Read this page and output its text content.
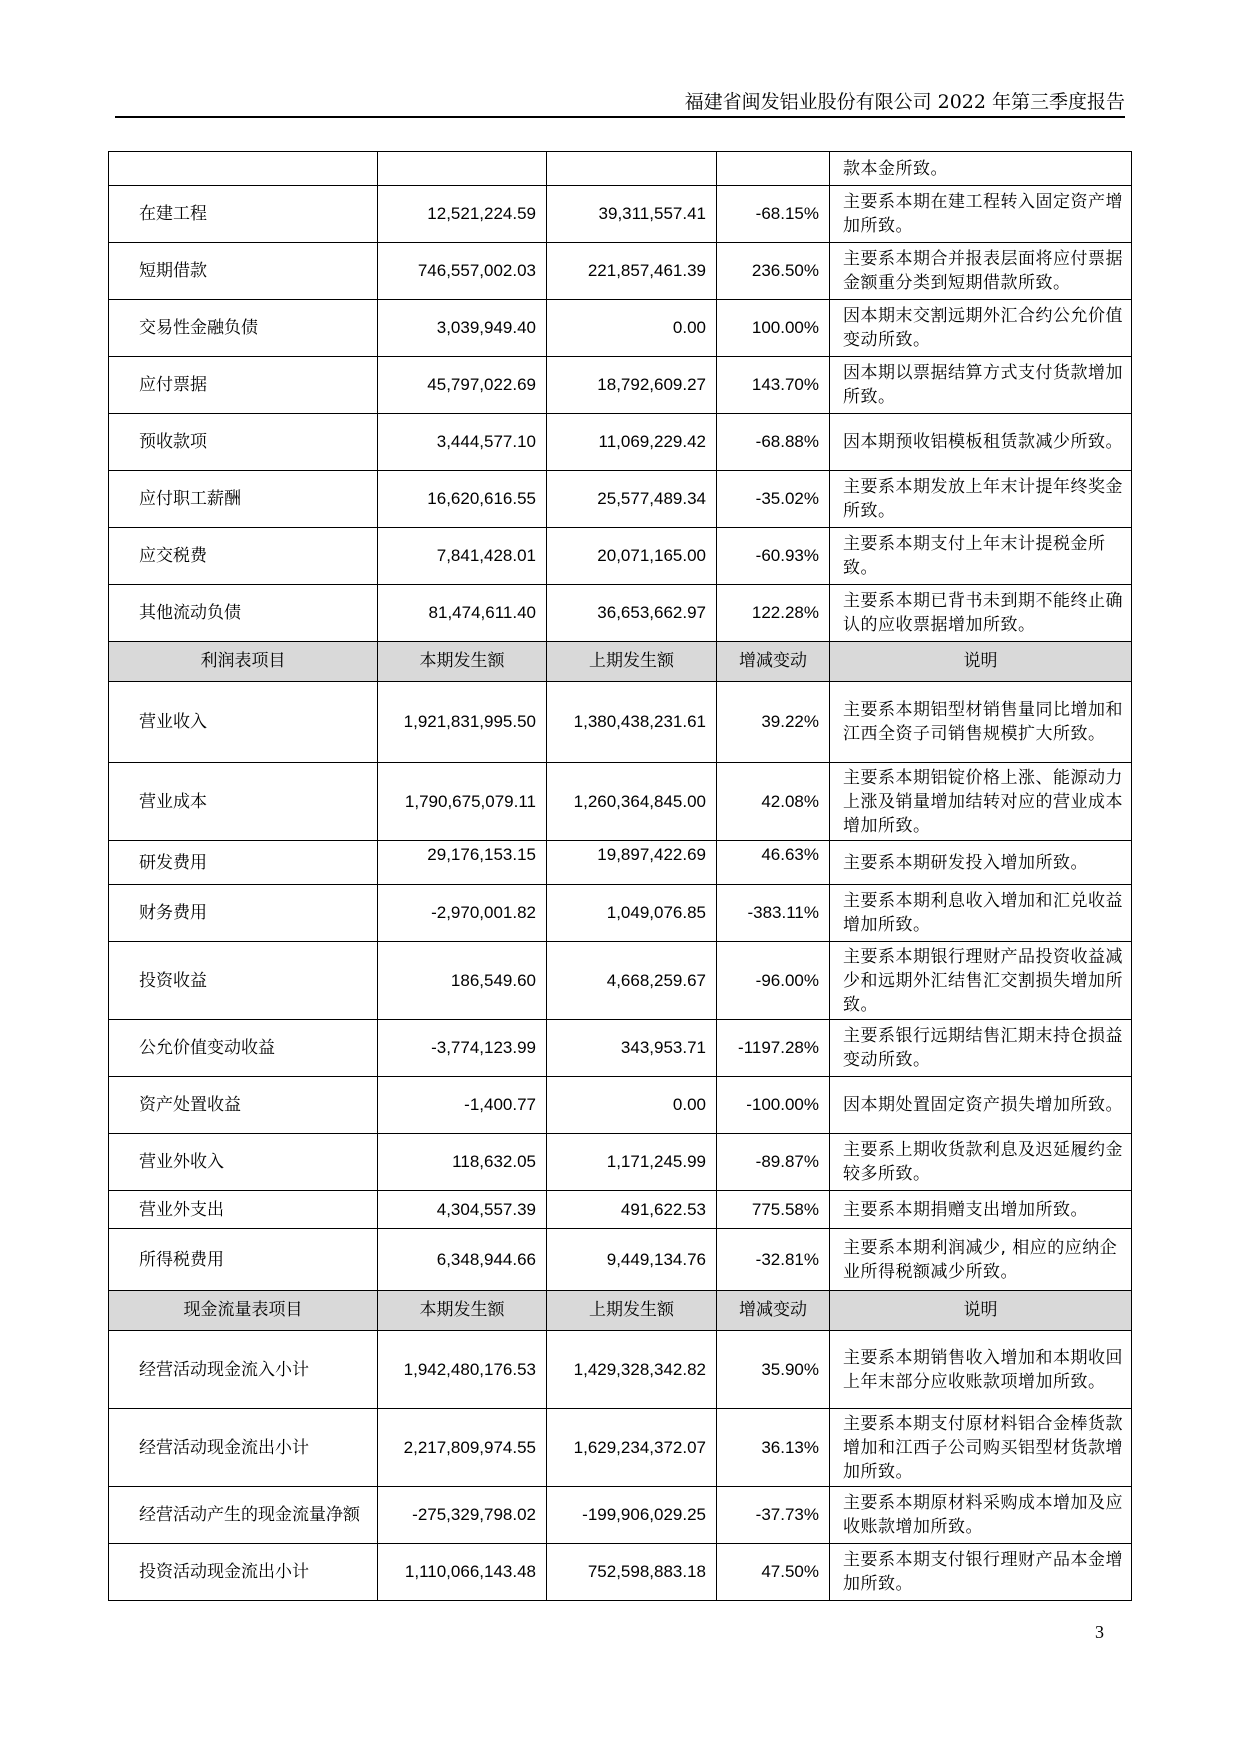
福建省闽发铝业股份有限公司 2022 年第三季度报告
				款本金所致。
在建工程	12,521,224.59	39,311,557.41	-68.15%	主要系本期在建工程转入固定资产增加所致。
短期借款	746,557,002.03	221,857,461.39	236.50%	主要系本期合并报表层面将应付票据金额重分类到短期借款所致。
交易性金融负债	3,039,949.40	0.00	100.00%	因本期末交割远期外汇合约公允价值变动所致。
应付票据	45,797,022.69	18,792,609.27	143.70%	因本期以票据结算方式支付货款增加所致。
预收款项	3,444,577.10	11,069,229.42	-68.88%	因本期预收铝模板租赁款减少所致。
应付职工薪酬	16,620,616.55	25,577,489.34	-35.02%	主要系本期发放上年末计提年终奖金所致。
应交税费	7,841,428.01	20,071,165.00	-60.93%	主要系本期支付上年末计提税金所致。
其他流动负债	81,474,611.40	36,653,662.97	122.28%	主要系本期已背书未到期不能终止确认的应收票据增加所致。
利润表项目	本期发生额	上期发生额	增减变动	说明
营业收入	1,921,831,995.50	1,380,438,231.61	39.22%	主要系本期铝型材销售量同比增加和江西全资子司销售规模扩大所致。
营业成本	1,790,675,079.11	1,260,364,845.00	42.08%	主要系本期铝锭价格上涨、能源动力上涨及销量增加结转对应的营业成本增加所致。
研发费用	29,176,153.15	19,897,422.69	46.63%	主要系本期研发投入增加所致。
财务费用	-2,970,001.82	1,049,076.85	-383.11%	主要系本期利息收入增加和汇兑收益增加所致。
投资收益	186,549.60	4,668,259.67	-96.00%	主要系本期银行理财产品投资收益减少和远期外汇结售汇交割损失增加所致。
公允价值变动收益	-3,774,123.99	343,953.71	-1197.28%	主要系银行远期结售汇期末持仓损益变动所致。
资产处置收益	-1,400.77	0.00	-100.00%	因本期处置固定资产损失增加所致。
营业外收入	118,632.05	1,171,245.99	-89.87%	主要系上期收货款利息及迟延履约金较多所致。
营业外支出	4,304,557.39	491,622.53	775.58%	主要系本期捐赠支出增加所致。
所得税费用	6,348,944.66	9,449,134.76	-32.81%	主要系本期利润减少, 相应的应纳企业所得税额减少所致。
现金流量表项目	本期发生额	上期发生额	增减变动	说明
经营活动现金流入小计	1,942,480,176.53	1,429,328,342.82	35.90%	主要系本期销售收入增加和本期收回上年末部分应收账款项增加所致。
经营活动现金流出小计	2,217,809,974.55	1,629,234,372.07	36.13%	主要系本期支付原材料铝合金棒货款增加和江西子公司购买铝型材货款增加所致。
经营活动产生的现金流量净额	-275,329,798.02	-199,906,029.25	-37.73%	主要系本期原材料采购成本增加及应收账款增加所致。
投资活动现金流出小计	1,110,066,143.48	752,598,883.18	47.50%	主要系本期支付银行理财产品本金增加所致。
3
